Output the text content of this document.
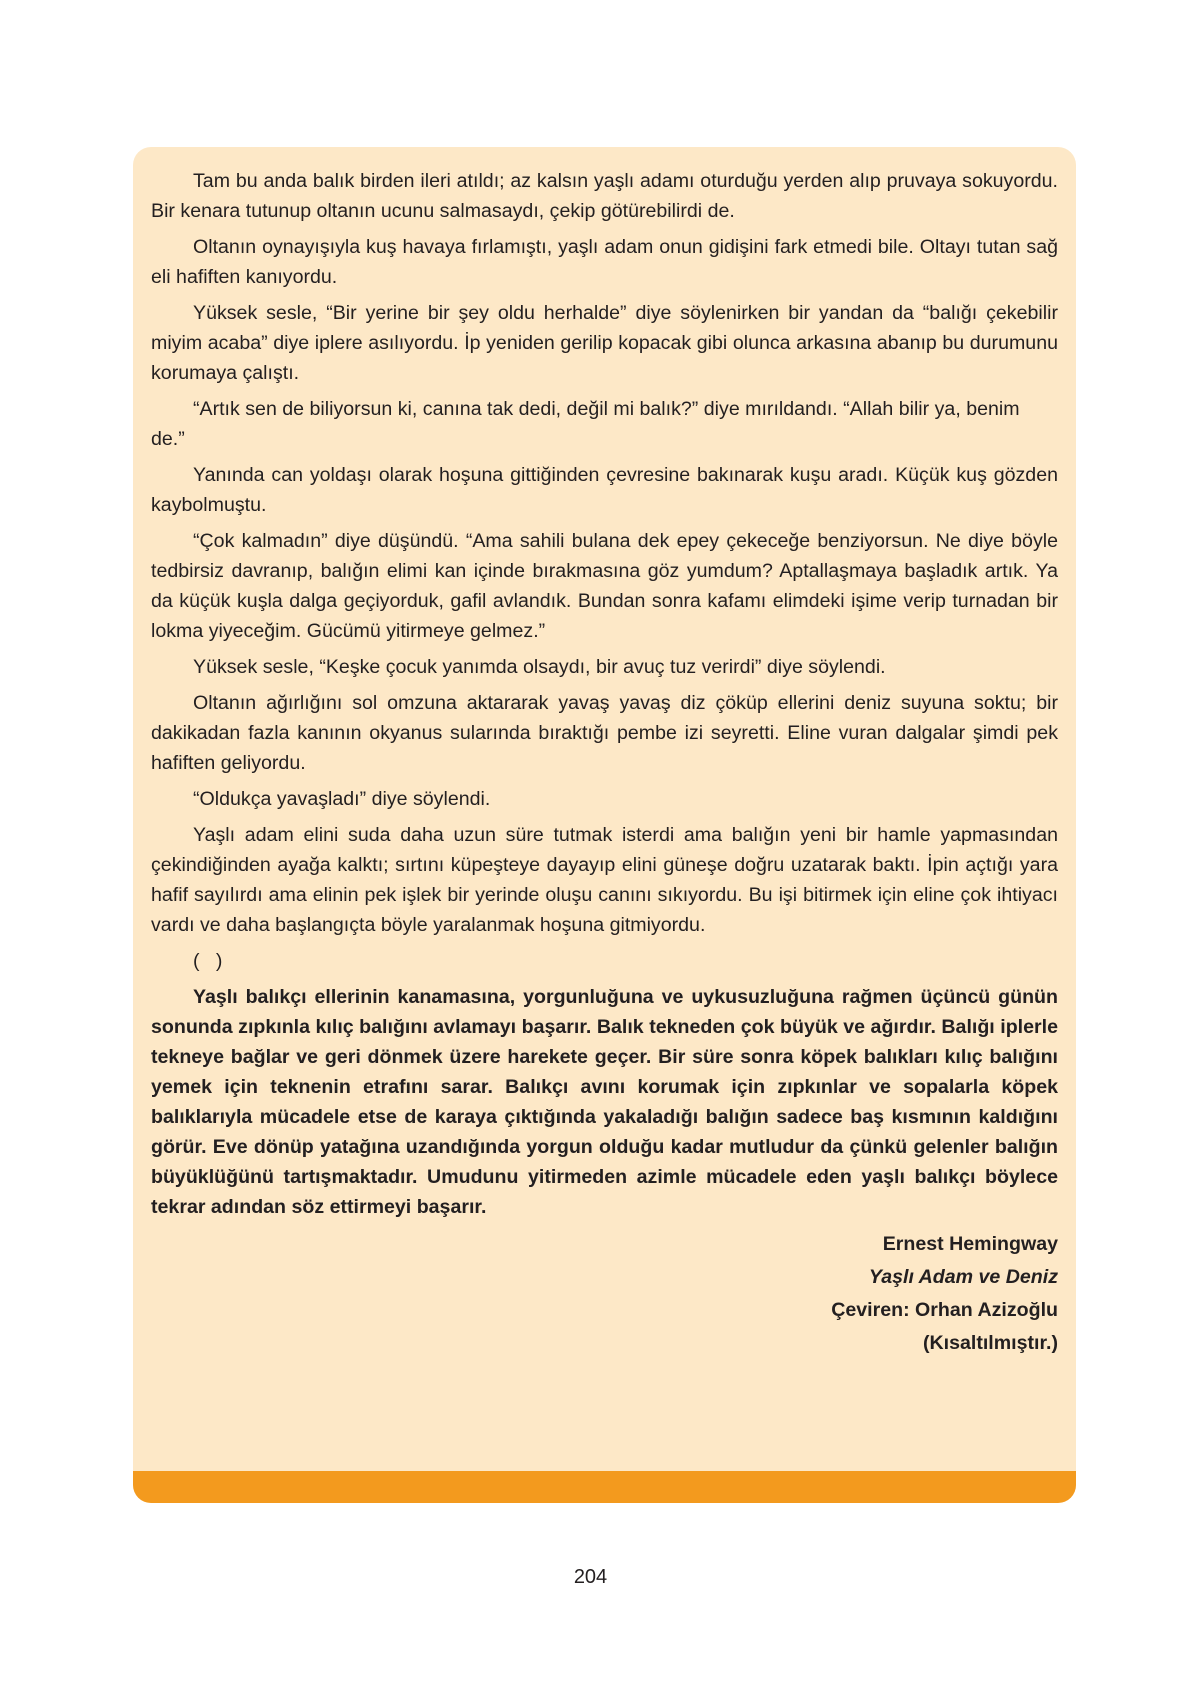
Tam bu anda balık birden ileri atıldı; az kalsın yaşlı adamı oturduğu yerden alıp pruvaya sokuyordu. Bir kenara tutunup oltanın ucunu salmasaydı, çekip götürebilirdi de.

Oltanın oynayışıyla kuş havaya fırlamıştı, yaşlı adam onun gidişini fark etmedi bile. Oltayı tutan sağ eli hafiften kanıyordu.

Yüksek sesle, “Bir yerine bir şey oldu herhalde” diye söylenirken bir yandan da “balığı çekebilir miyim acaba” diye iplere asılıyordu. İp yeniden gerilip kopacak gibi olunca arkasına abanıp bu durumunu korumaya çalıştı.

“Artık sen de biliyorsun ki, canına tak dedi, değil mi balık?” diye mırıldandı. “Allah bilir ya, benim de.”

Yanında can yoldaşı olarak hoşuna gittiğinden çevresine bakınarak kuşu aradı. Küçük kuş gözden kaybolmuştu.

“Çok kalmadın” diye düşündü. “Ama sahili bulana dek epey çekeceğe benziyorsun. Ne diye böyle tedbirsiz davranıp, balığın elimi kan içinde bırakmasına göz yumdum? Aptallaşmaya başladık artık. Ya da küçük kuşla dalga geçiyorduk, gafil avlandık. Bundan sonra kafamı elimdeki işime verip turnadan bir lokma yiyeceğim. Gücümü yitirmeye gelmez.”

Yüksek sesle, “Keşke çocuk yanımda olsaydı, bir avuç tuz verirdi” diye söylendi.

Oltanın ağırlığını sol omzuna aktararak yavaş yavaş diz çöküp ellerini deniz suyuna soktu; bir dakikadan fazla kanının okyanus sularında bıraktığı pembe izi seyretti. Eline vuran dalgalar şimdi pek hafiften geliyordu.

“Oldukça yavaşladı” diye söylendi.

Yaşlı adam elini suda daha uzun süre tutmak isterdi ama balığın yeni bir hamle yapmasından çekindiğinden ayağa kalktı; sırtını küpeşteye dayayıp elini güneşe doğru uzatarak baktı. İpin açtığı yara hafif sayılırdı ama elinin pek işlek bir yerinde oluşu canını sıkıyordu. Bu işi bitirmek için eline çok ihtiyacı vardı ve daha başlangıçta böyle yaralanmak hoşuna gitmiyordu.

(   )

Yaşlı balıkçı ellerinin kanamasına, yorgunluğuna ve uykusuzluğuna rağmen üçüncü günün sonunda zıpkınla kılıç balığını avlamayı başarır. Balık tekneden çok büyük ve ağırdır. Balığı iplerle tekneye bağlar ve geri dönmek üzere harekete geçer. Bir süre sonra köpek balıkları kılıç balığını yemek için teknenin etrafını sarar. Balıkçı avını korumak için zıpkınlar ve sopalarla köpek balıklarıyla mücadele etse de karaya çıktığında yakaladığı balığın sadece baş kısmının kaldığını görür. Eve dönüp yatağına uzandığında yorgun olduğu kadar mutludur da çünkü gelenler balığın büyüklüğünü tartışmaktadır. Umudunu yitirmeden azimle mücadele eden yaşlı balıkçı böylece tekrar adından söz ettirmeyi başarır.

Ernest Hemingway
Yaşlı Adam ve Deniz
Çeviren: Orhan Azizoğlu
(Kısaltılmıştır.)
204
